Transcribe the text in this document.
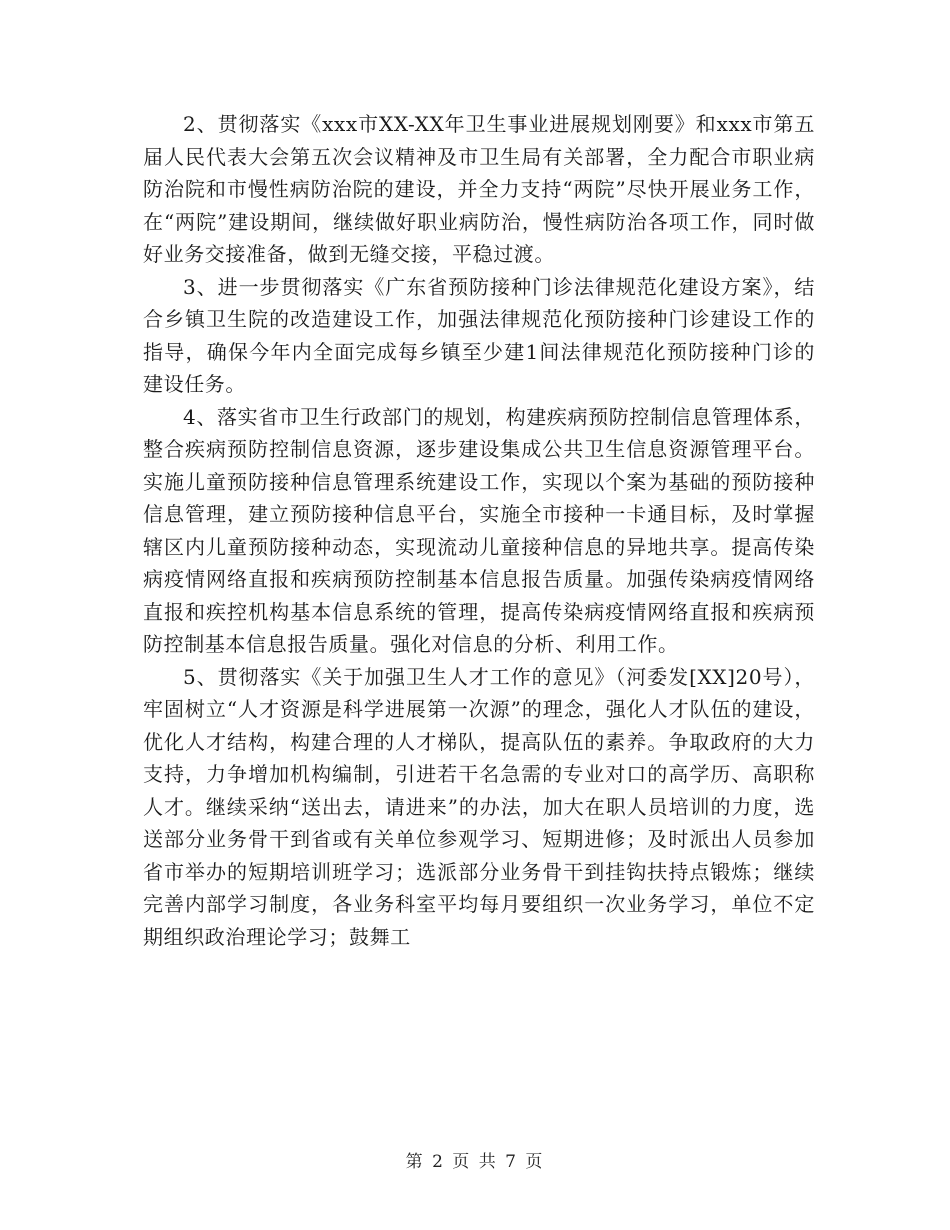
2、贯彻落实《xxx市XX-XX年卫生事业进展规划刚要》和xxx市第五届人民代表大会第五次会议精神及市卫生局有关部署，全力配合市职业病防治院和市慢性病防治院的建设，并全力支持“两院”尽快开展业务工作，在“两院”建设期间，继续做好职业病防治，慢性病防治各项工作，同时做好业务交接准备，做到无缝交接，平稳过渡。

3、进一步贯彻落实《广东省预防接种门诊法律规范化建设方案》，结合乡镇卫生院的改造建设工作，加强法律规范化预防接种门诊建设工作的指导，确保今年内全面完成每乡镇至少建1间法律规范化预防接种门诊的建设任务。

4、落实省市卫生行政部门的规划，构建疾病预防控制信息管理体系，整合疾病预防控制信息资源，逐步建设集成公共卫生信息资源管理平台。实施儿童预防接种信息管理系统建设工作，实现以个案为基础的预防接种信息管理，建立预防接种信息平台，实施全市接种一卡通目标，及时掌握辖区内儿童预防接种动态，实现流动儿童接种信息的异地共享。提高传染病疫情网络直报和疾病预防控制基本信息报告质量。加强传染病疫情网络直报和疾控机构基本信息系统的管理，提高传染病疫情网络直报和疾病预防控制基本信息报告质量。强化对信息的分析、利用工作。

5、贯彻落实《关于加强卫生人才工作的意见》（河委发[XX]20号），牢固树立“人才资源是科学进展第一次源”的理念，强化人才队伍的建设，优化人才结构，构建合理的人才梯队，提高队伍的素养。争取政府的大力支持，力争增加机构编制，引进若干名急需的专业对口的高学历、高职称人才。继续采纳“送出去，请进来”的办法，加大在职人员培训的力度，选送部分业务骨干到省或有关单位参观学习、短期进修；及时派出人员参加省市举办的短期培训班学习；选派部分业务骨干到挂钩扶持点锻炼；继续完善内部学习制度，各业务科室平均每月要组织一次业务学习，单位不定期组织政治理论学习；鼓舞工

第 2 页 共 7 页
